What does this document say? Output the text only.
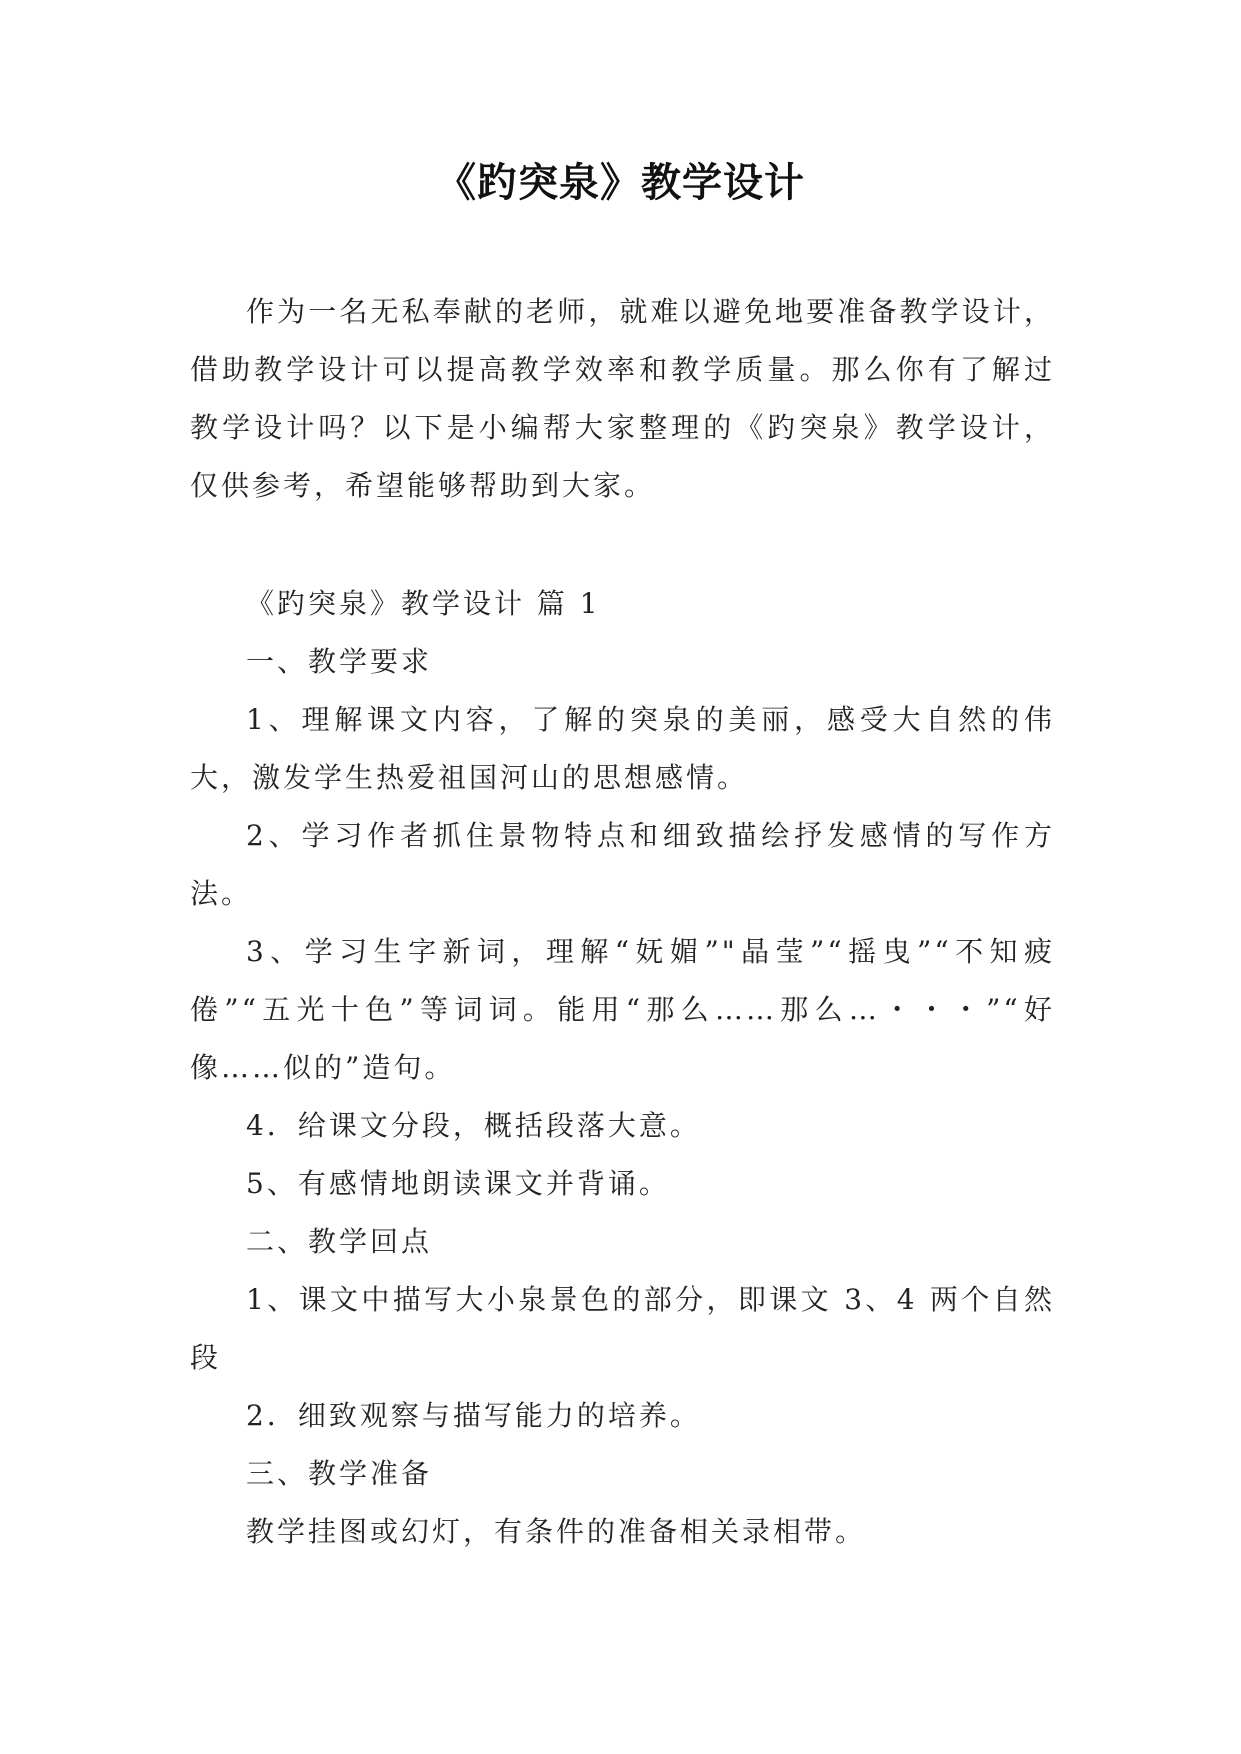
《趵突泉》教学设计

作为一名无私奉献的老师，就难以避免地要准备教学设计，借助教学设计可以提高教学效率和教学质量。那么你有了解过教学设计吗？以下是小编帮大家整理的《趵突泉》教学设计，仅供参考，希望能够帮助到大家。

《趵突泉》教学设计 篇 1

一、教学要求

1、理解课文内容，了解的突泉的美丽，感受大自然的伟大，激发学生热爱祖国河山的思想感情。

2、学习作者抓住景物特点和细致描绘抒发感情的写作方法。

3、学习生字新词，理解“妩媚”"晶莹”“摇曳”“不知疲倦”“五光十色”等词词。能用“那么……那么…・・・”“好像……似的”造句。

4．给课文分段，概括段落大意。

5、有感情地朗读课文并背诵。

二、教学回点

1、课文中描写大小泉景色的部分，即课文 3、4 两个自然段

2．细致观察与描写能力的培养。

三、教学准备

教学挂图或幻灯，有条件的准备相关录相带。
